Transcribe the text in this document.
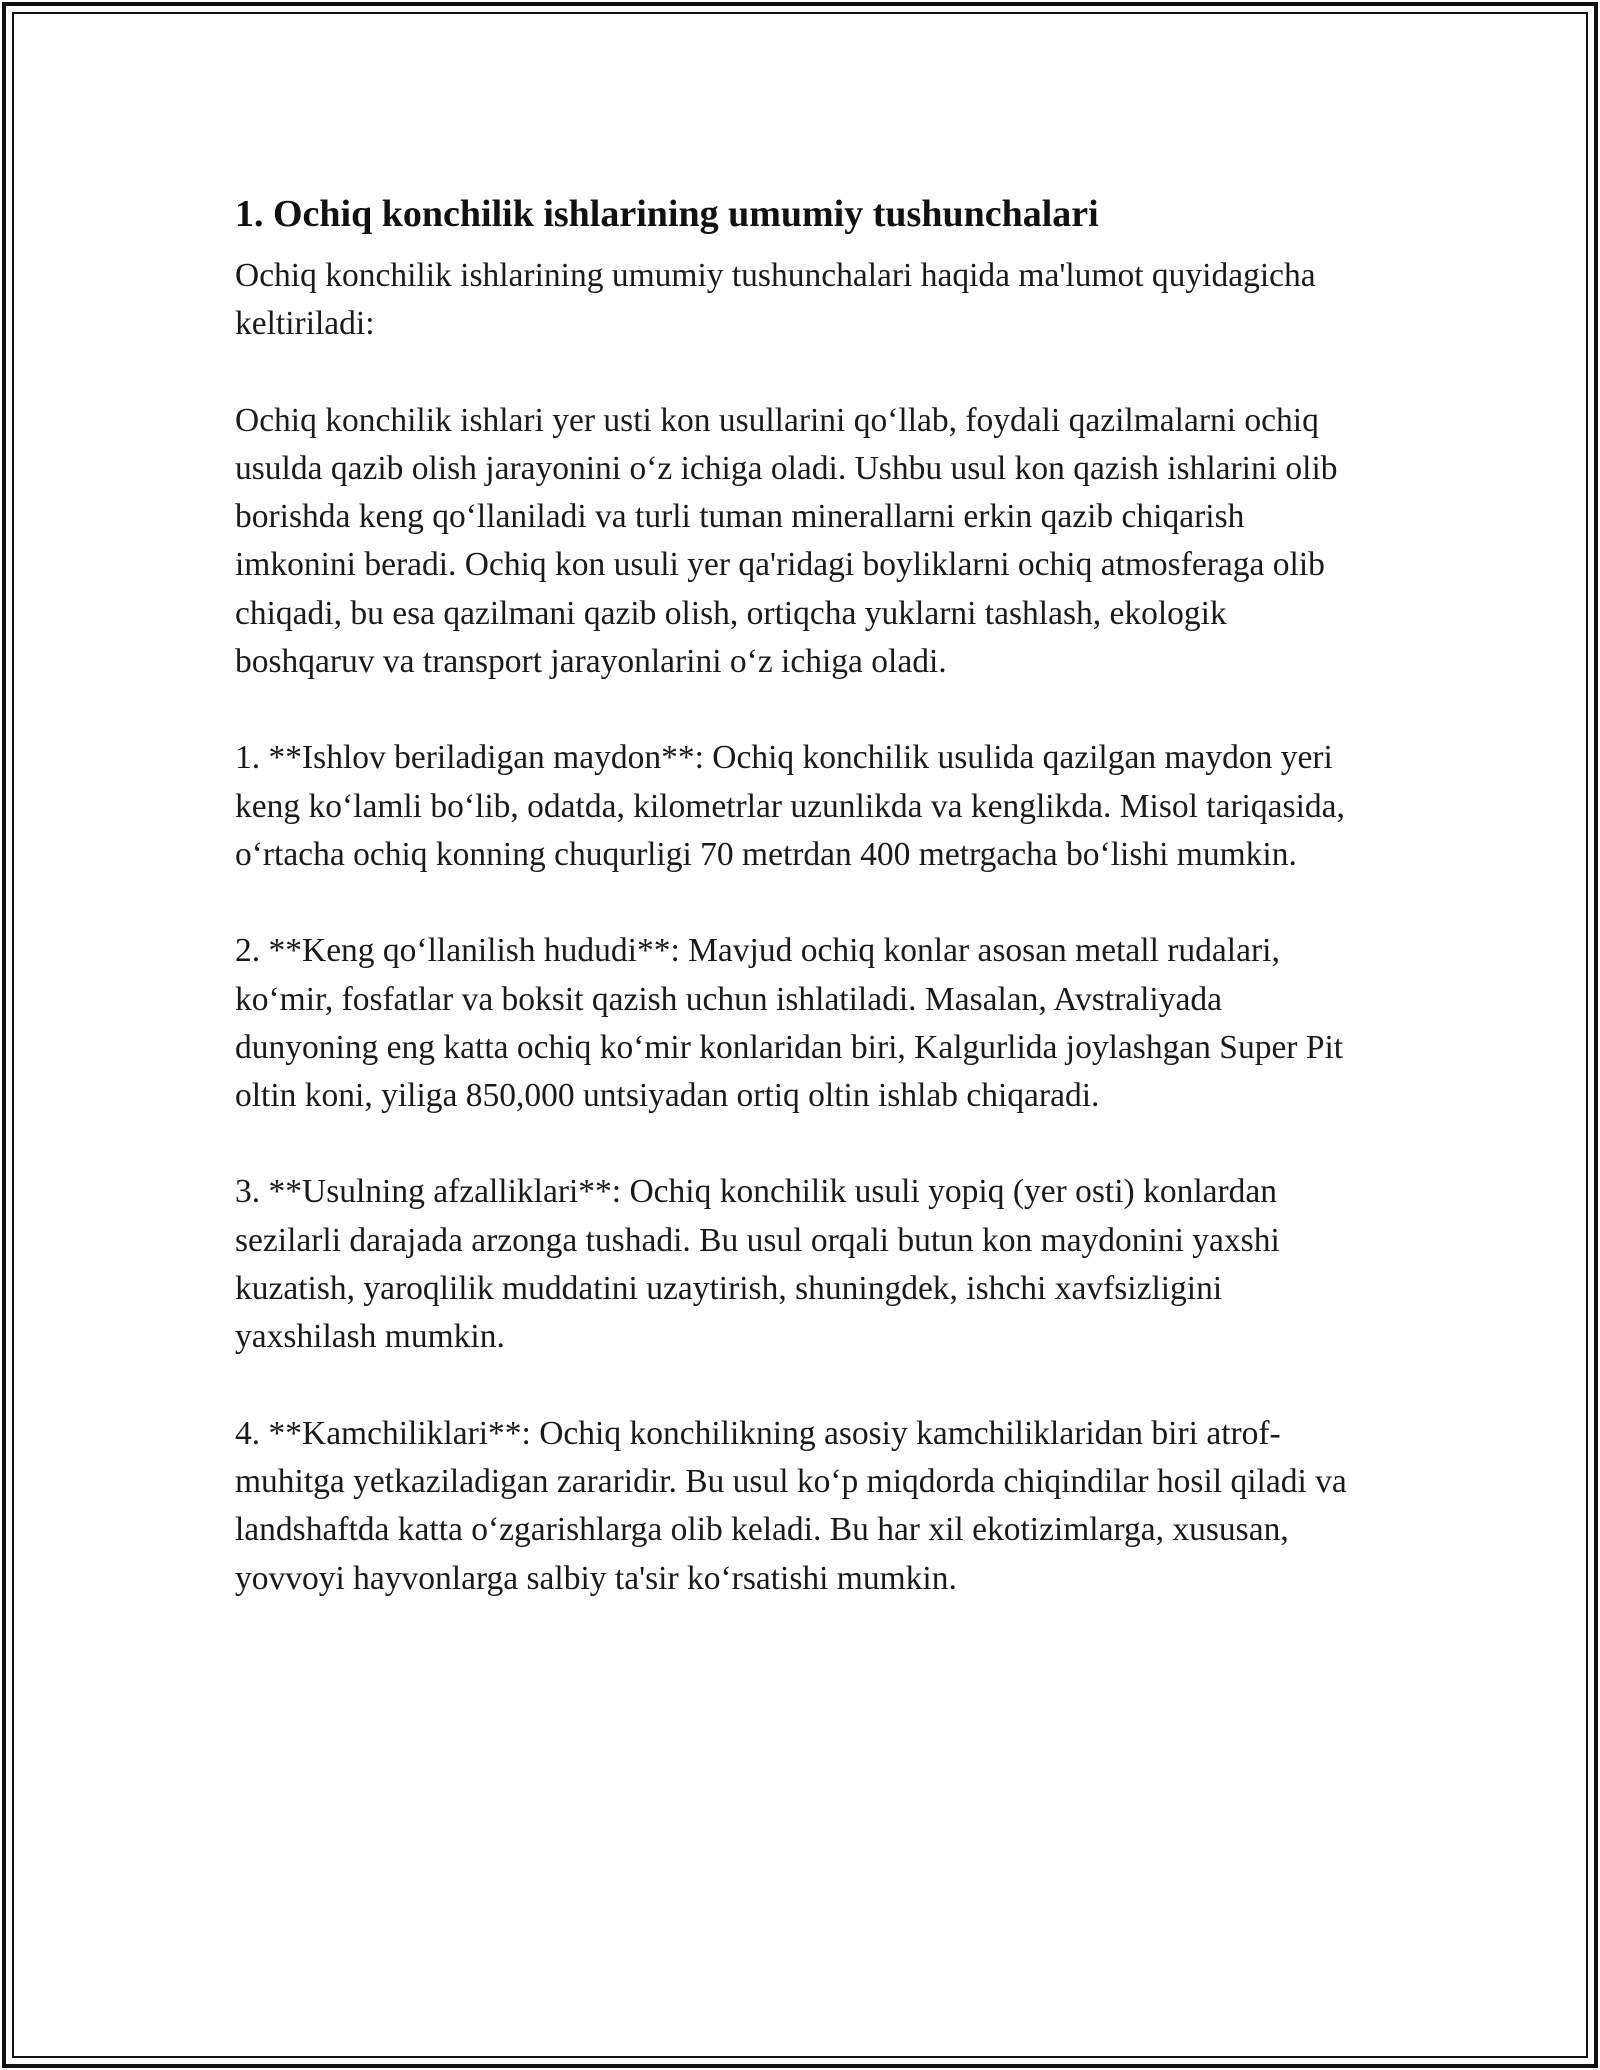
1. Ochiq konchilik ishlarining umumiy tushunchalari

Ochiq konchilik ishlarining umumiy tushunchalari haqida ma'lumot quyidagicha keltiriladi:

Ochiq konchilik ishlari yer usti kon usullarini qo‘llab, foydali qazilmalarni ochiq usulda qazib olish jarayonini o‘z ichiga oladi. Ushbu usul kon qazish ishlarini olib borishda keng qo‘llaniladi va turli tuman minerallarni erkin qazib chiqarish imkonini beradi. Ochiq kon usuli yer qa'ridagi boyliklarni ochiq atmosferaga olib chiqadi, bu esa qazilmani qazib olish, ortiqcha yuklarni tashlash, ekologik boshqaruv va transport jarayonlarini o‘z ichiga oladi.

1. **Ishlov beriladigan maydon**: Ochiq konchilik usulida qazilgan maydon yeri keng ko‘lamli bo‘lib, odatda, kilometrlar uzunlikda va kenglikda. Misol tariqasida, o‘rtacha ochiq konning chuqurligi 70 metrdan 400 metrgacha bo‘lishi mumkin.

2. **Keng qo‘llanilish hududi**: Mavjud ochiq konlar asosan metall rudalari, ko‘mir, fosfatlar va boksit qazish uchun ishlatiladi. Masalan, Avstraliyada dunyoning eng katta ochiq ko‘mir konlaridan biri, Kalgurlida joylashgan Super Pit oltin koni, yiliga 850,000 untsiyadan ortiq oltin ishlab chiqaradi.

3. **Usulning afzalliklari**: Ochiq konchilik usuli yopiq (yer osti) konlardan sezilarli darajada arzonga tushadi. Bu usul orqali butun kon maydonini yaxshi kuzatish, yaroqlilik muddatini uzaytirish, shuningdek, ishchi xavfsizligini yaxshilash mumkin.

4. **Kamchiliklari**: Ochiq konchilikning asosiy kamchiliklaridan biri atrof-muhitga yetkaziladigan zararidir. Bu usul ko‘p miqdorda chiqindilar hosil qiladi va landshaftda katta o‘zgarishlarga olib keladi. Bu har xil ekotizimlarga, xususan, yovvoyi hayvonlarga salbiy ta'sir ko‘rsatishi mumkin.
